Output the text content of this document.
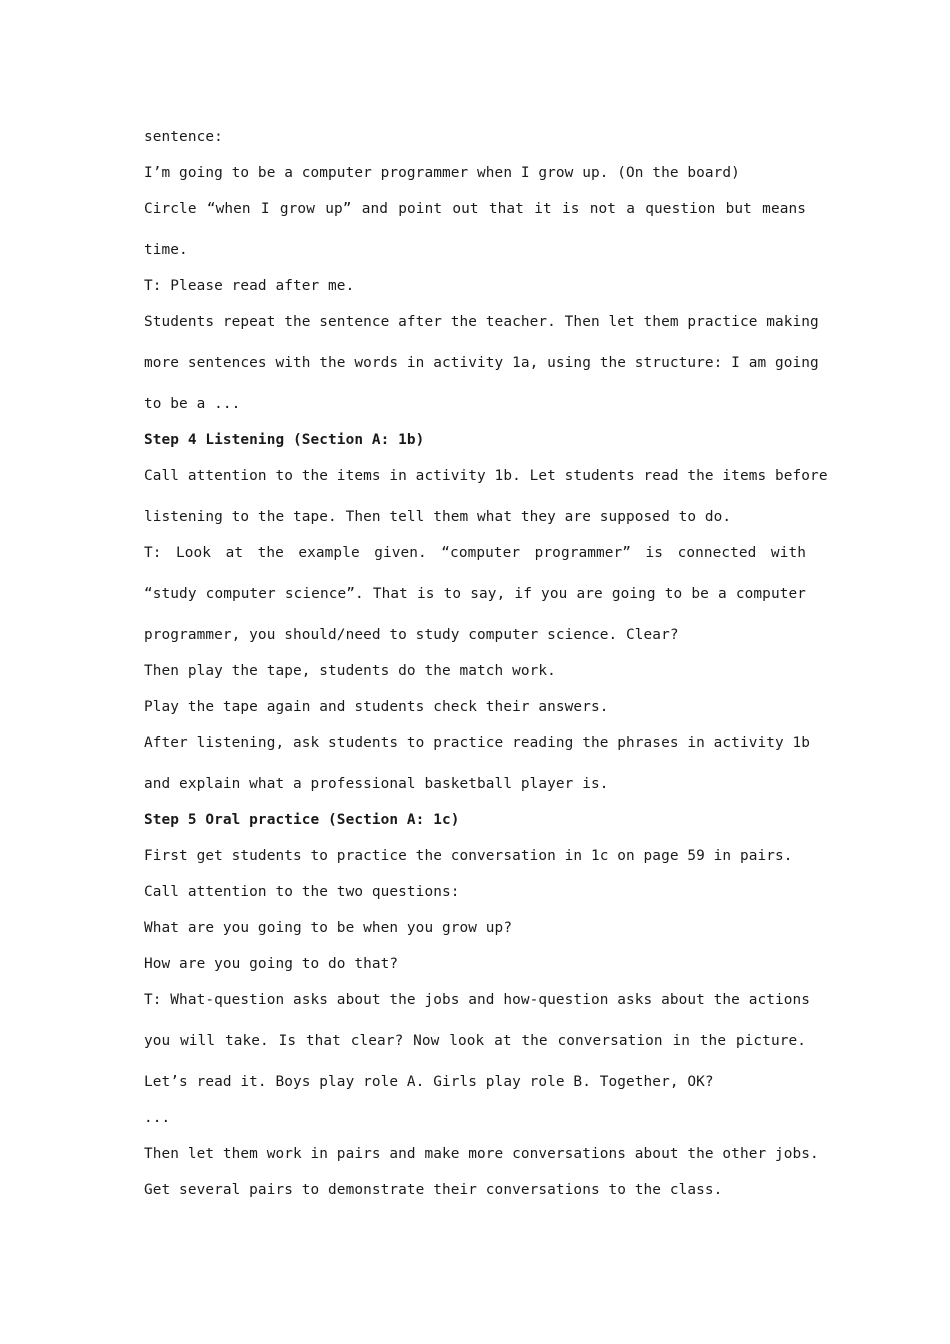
sentence:
I’m going to be a computer programmer when I grow up. (On the board)
Circle “when I grow up” and point out that it is not a question but means
time.
T: Please read after me.
Students repeat the sentence after the teacher. Then let them practice making
more sentences with the words in activity 1a, using the structure: I am going
to be a ...
Step 4 Listening (Section A: 1b)
Call attention to the items in activity 1b. Let students read the items before
listening to the tape. Then tell them what they are supposed to do.
T: Look at the example given. “computer programmer” is connected with
“study computer science”. That is to say, if you are going to be a computer
programmer, you should/need to study computer science. Clear?
Then play the tape, students do the match work.
Play the tape again and students check their answers.
After listening, ask students to practice reading the phrases in activity 1b
and explain what a professional basketball player is.
Step 5 Oral practice (Section A: 1c)
First get students to practice the conversation in 1c on page 59 in pairs.
Call attention to the two questions:
What are you going to be when you grow up?
How are you going to do that?
T: What-question asks about the jobs and how-question asks about the actions
you will take. Is that clear? Now look at the conversation in the picture.
Let’s read it. Boys play role A. Girls play role B. Together, OK?
...
Then let them work in pairs and make more conversations about the other jobs.
Get several pairs to demonstrate their conversations to the class.
